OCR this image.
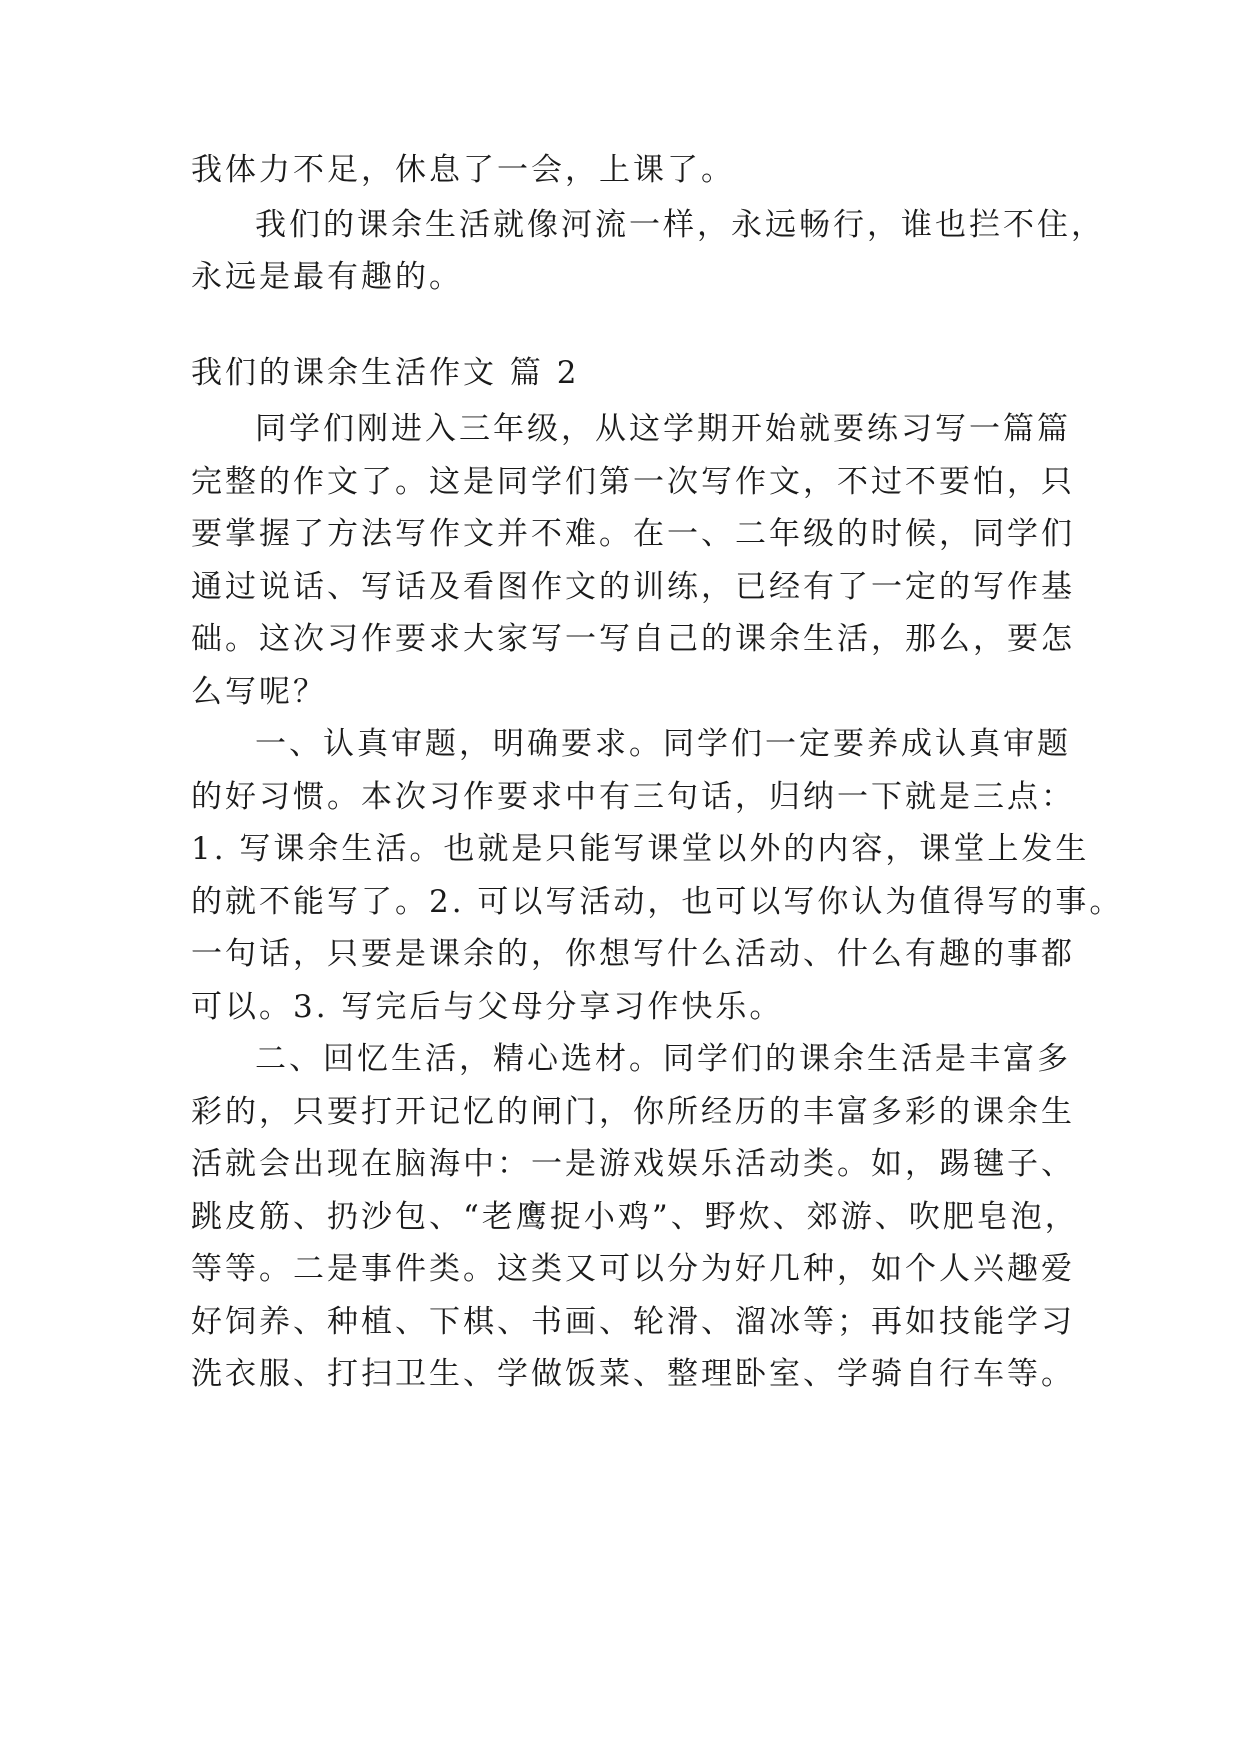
我体力不足，休息了一会，上课了。
我们的课余生活就像河流一样，永远畅行，谁也拦不住，
永远是最有趣的。
我们的课余生活作文 篇 2
同学们刚进入三年级，从这学期开始就要练习写一篇篇
完整的作文了。这是同学们第一次写作文，不过不要怕，只
要掌握了方法写作文并不难。在一、二年级的时候，同学们
通过说话、写话及看图作文的训练，已经有了一定的写作基
础。这次习作要求大家写一写自己的课余生活，那么，要怎
么写呢？
一、认真审题，明确要求。同学们一定要养成认真审题
的好习惯。本次习作要求中有三句话，归纳一下就是三点：
1. 写课余生活。也就是只能写课堂以外的内容，课堂上发生
的就不能写了。2. 可以写活动，也可以写你认为值得写的事。
一句话，只要是课余的，你想写什么活动、什么有趣的事都
可以。3. 写完后与父母分享习作快乐。
二、回忆生活，精心选材。同学们的课余生活是丰富多
彩的，只要打开记忆的闸门，你所经历的丰富多彩的课余生
活就会出现在脑海中：一是游戏娱乐活动类。如，踢毽子、
跳皮筋、扔沙包、“老鹰捉小鸡”、野炊、郊游、吹肥皂泡，
等等。二是事件类。这类又可以分为好几种，如个人兴趣爱
好饲养、种植、下棋、书画、轮滑、溜冰等；再如技能学习
洗衣服、打扫卫生、学做饭菜、整理卧室、学骑自行车等。
